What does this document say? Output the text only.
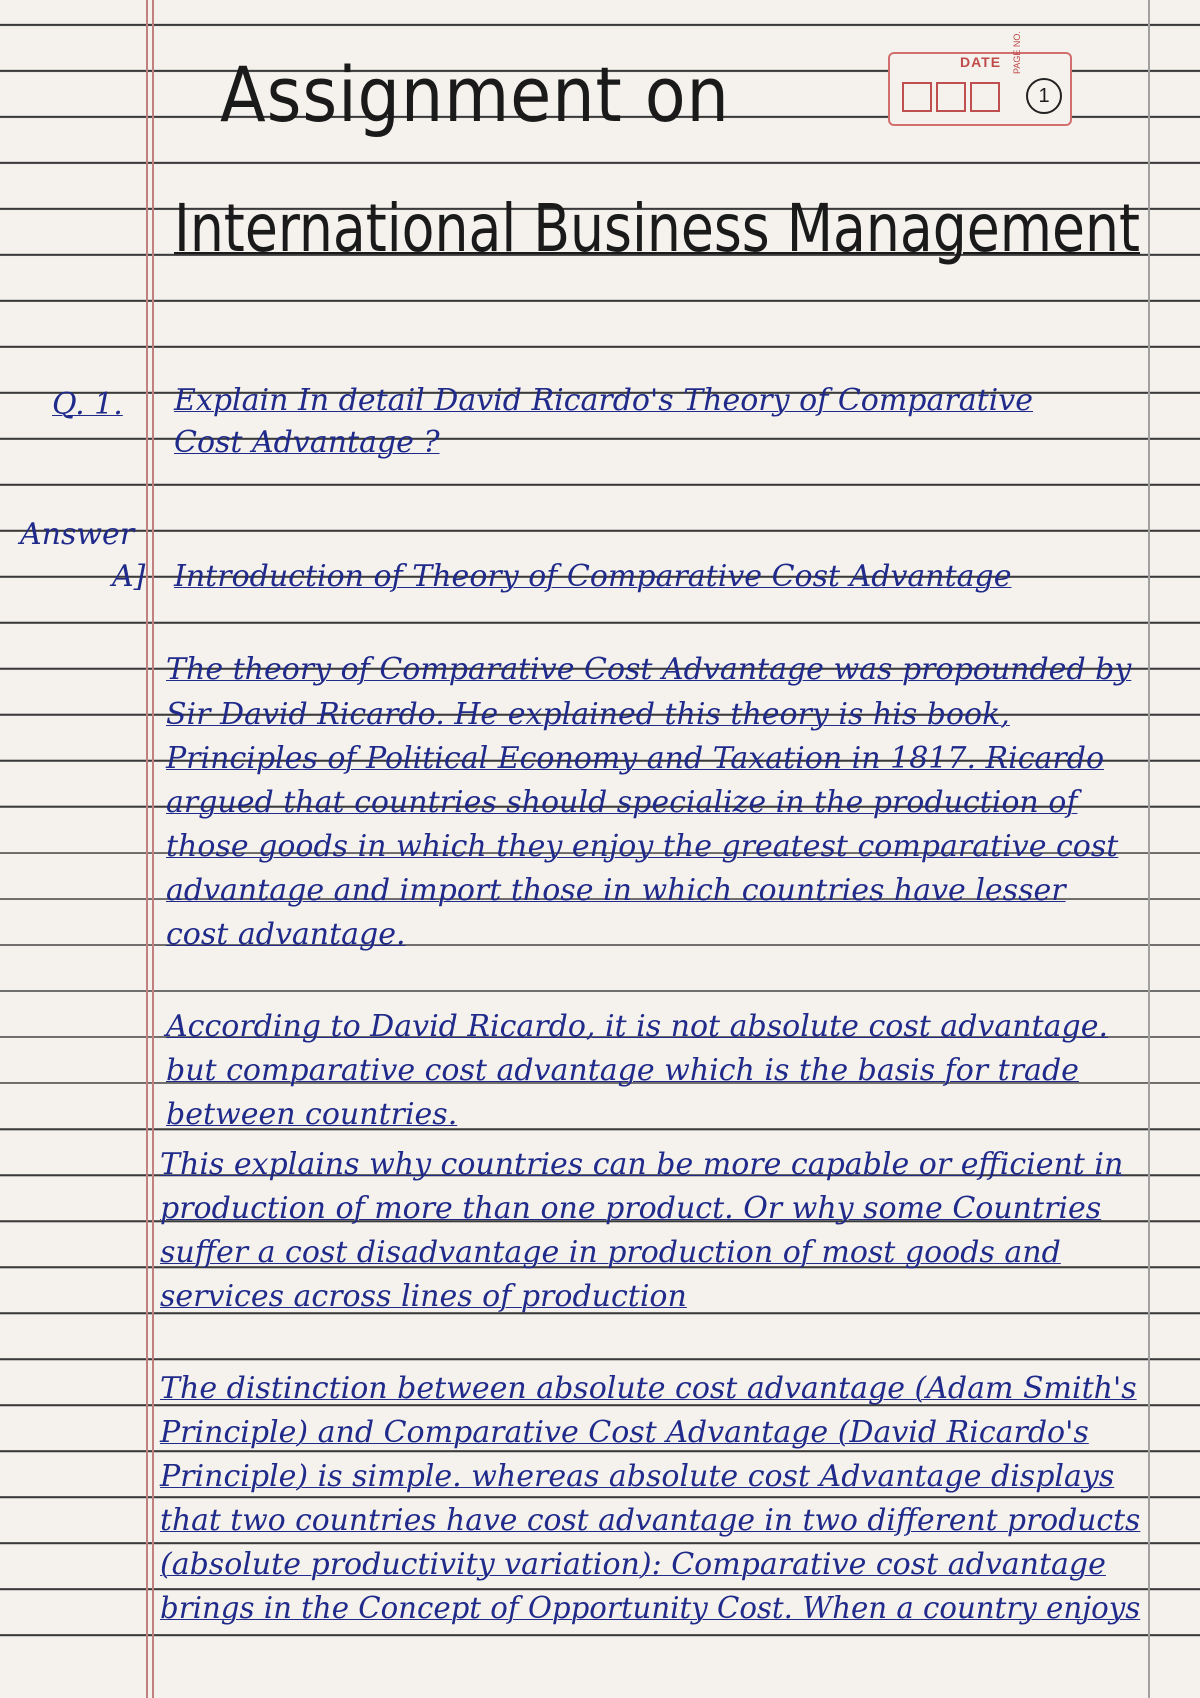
DATE PAGE NO.
1
Assignment on
International Business Management
Q. 1. Explain In detail David Ricardo's Theory of Comparative
Cost Advantage ?
Answer
A] Introduction of Theory of Comparative Cost Advantage
The theory of Comparative Cost Advantage was propounded by
Sir David Ricardo. He explained this theory is his book,
Principles of Political Economy and Taxation in 1817. Ricardo
argued that countries should specialize in the production of
those goods in which they enjoy the greatest comparative cost
advantage and import those in which countries have lesser
cost advantage.
According to David Ricardo, it is not absolute cost advantage.
but comparative cost advantage which is the basis for trade
between countries.
This explains why countries can be more capable or efficient in
production of more than one product. Or why some Countries
suffer a cost disadvantage in production of most goods and
services across lines of production
The distinction between absolute cost advantage (Adam Smith's
Principle) and Comparative Cost Advantage (David Ricardo's
Principle) is simple. whereas absolute cost Advantage displays
that two countries have cost advantage in two different products
(absolute productivity variation): Comparative cost advantage
brings in the Concept of Opportunity Cost. When a country enjoys
